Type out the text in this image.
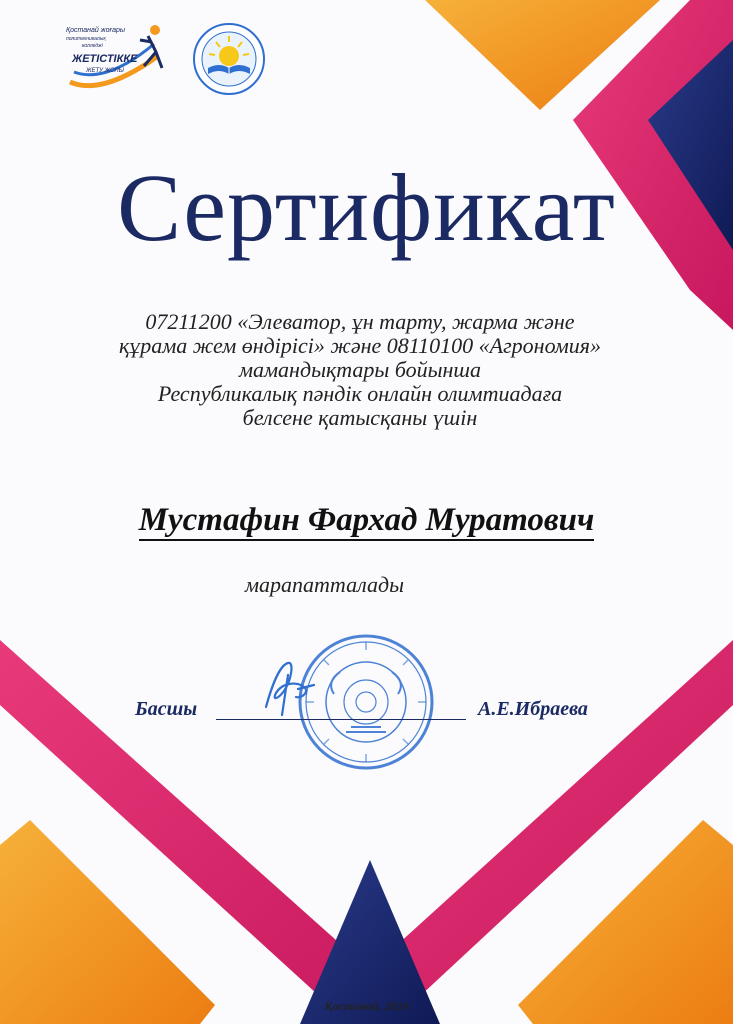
Қостанай жоғары
политехникалық
колледжі
ЖЕТІСТІККЕ
ЖЕТУ ЖОЛЫ
Сертификат
07211200 «Элеватор, ұн тарту, жарма және
құрама жем өндірісі» және 08110100 «Агрономия»
мамандықтары бойынша
Республикалық пәндік онлайн олимтиадаға
белсене қатысқаны үшін
Мустафин Фархад Муратович
марапатталады
Басшы	А.Е.Ибраева
Қостанай, 2024
